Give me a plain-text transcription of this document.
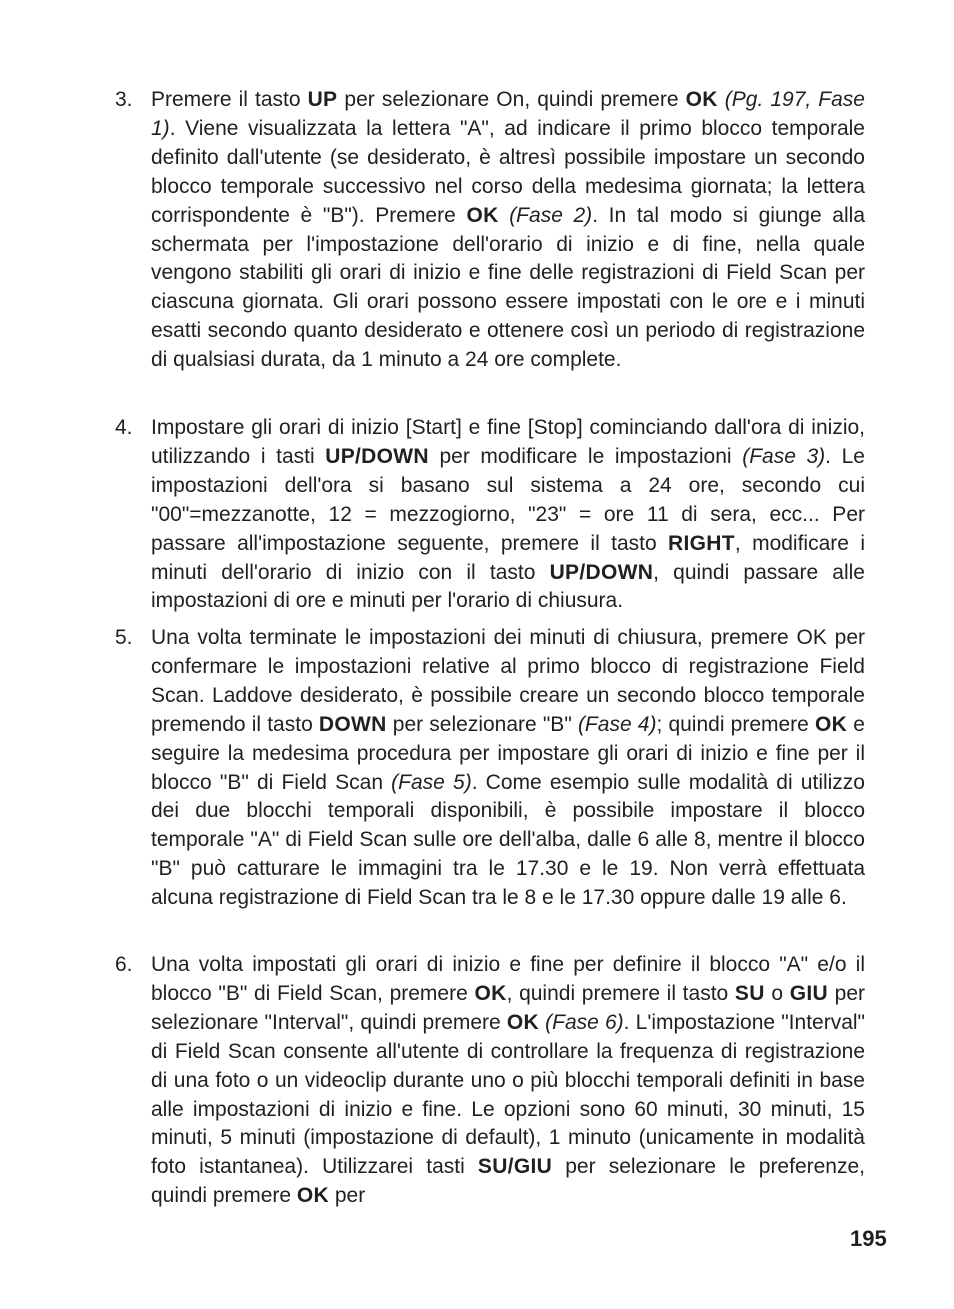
3. Premere il tasto UP per selezionare On, quindi premere OK (Pg. 197, Fase 1). Viene visualizzata la lettera "A", ad indicare il primo blocco temporale definito dall'utente (se desiderato, è altresì possibile impostare un secondo blocco temporale successivo nel corso della medesima giornata; la lettera corrispondente è "B"). Premere OK (Fase 2). In tal modo si giunge alla schermata per l'impostazione dell'orario di inizio e di fine, nella quale vengono stabiliti gli orari di inizio e fine delle registrazioni di Field Scan per ciascuna giornata. Gli orari possono essere impostati con le ore e i minuti esatti secondo quanto desiderato e ottenere così un periodo di registrazione di qualsiasi durata, da 1 minuto a 24 ore complete.
4. Impostare gli orari di inizio [Start] e fine [Stop] cominciando dall'ora di inizio, utilizzando i tasti UP/DOWN per modificare le impostazioni (Fase 3). Le impostazioni dell'ora si basano sul sistema a 24 ore, secondo cui "00"=mezzanotte, 12 = mezzogiorno, "23" = ore 11 di sera, ecc... Per passare all'impostazione seguente, premere il tasto RIGHT, modificare i minuti dell'orario di inizio con il tasto UP/DOWN, quindi passare alle impostazioni di ore e minuti per l'orario di chiusura.
5. Una volta terminate le impostazioni dei minuti di chiusura, premere OK per confermare le impostazioni relative al primo blocco di registrazione Field Scan. Laddove desiderato, è possibile creare un secondo blocco temporale premendo il tasto DOWN per selezionare "B" (Fase 4); quindi premere OK e seguire la medesima procedura per impostare gli orari di inizio e fine per il blocco "B" di Field Scan (Fase 5). Come esempio sulle modalità di utilizzo dei due blocchi temporali disponibili, è possibile impostare il blocco temporale "A" di Field Scan sulle ore dell'alba, dalle 6 alle 8, mentre il blocco "B" può catturare le immagini tra le 17.30 e le 19. Non verrà effettuata alcuna registrazione di Field Scan tra le 8 e le 17.30 oppure dalle 19 alle 6.
6. Una volta impostati gli orari di inizio e fine per definire il blocco "A" e/o il blocco "B" di Field Scan, premere OK, quindi premere il tasto SU o GIU per selezionare "Interval", quindi premere OK (Fase 6). L'impostazione "Interval" di Field Scan consente all'utente di controllare la frequenza di registrazione di una foto o un videoclip durante uno o più blocchi temporali definiti in base alle impostazioni di inizio e fine. Le opzioni sono 60 minuti, 30 minuti, 15 minuti, 5 minuti (impostazione di default), 1 minuto (unicamente in modalità foto istantanea). Utilizzarei tasti SU/GIU per selezionare le preferenze, quindi premere OK per
195
